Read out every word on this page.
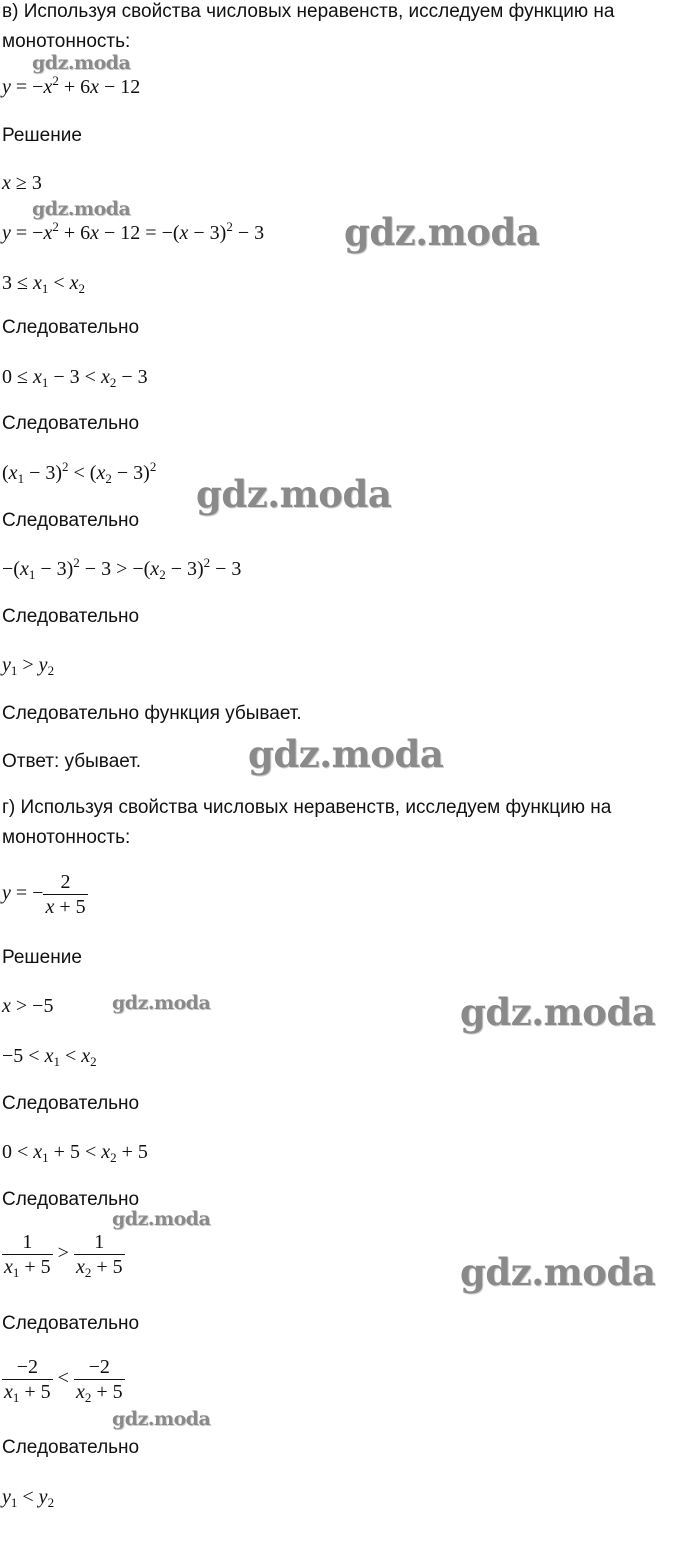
в) Используя свойства числовых неравенств, исследуем функцию на
монотонность:
$y = -x^2 + 6x - 12$
Решение
x ≥ 3
$y = -x^2 + 6x - 12 = -(x - 3)^2 - 3$
$3 \le x_1 < x_2$
Следовательно
$0 \le x_1 - 3 < x_2 - 3$
Следовательно
$(x_1 - 3)^2 < (x_2 - 3)^2$
Следовательно
$-(x_1 - 3)^2 - 3 > -(x_2 - 3)^2 - 3$
Следовательно
$y_1 > y_2$
Следовательно функция убывает.
Ответ: убывает.
г) Используя свойства числовых неравенств, исследуем функцию на
монотонность:
y = − $\frac{2}{x + 5}$
Решение
x > −5
$-5 < x_1 < x_2$
Следовательно
$0 < x_1 + 5 < x_2 + 5$
Следовательно
$\frac{1}{x_1 + 5} > \frac{1}{x_2 + 5}$
Следовательно
$\frac{-2}{x_1 + 5} < \frac{-2}{x_2 + 5}$
Следовательно
$y_1 < y_2$
gdz.moda
gdz.moda
gdz.moda
gdz.moda
gdz.moda
gdz.moda	gdz.moda
gdz.moda
gdz.moda
gdz.moda
